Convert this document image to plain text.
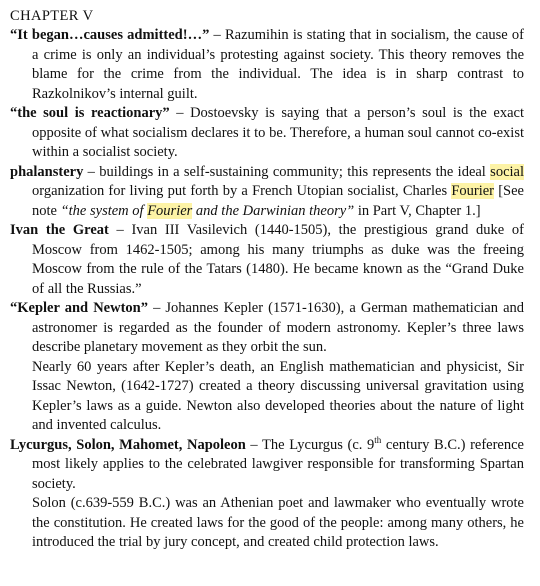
CHAPTER V

“It began…causes admitted!…” – Razumihin is stating that in socialism, the cause of a crime is only an individual’s protesting against society. This theory removes the blame for the crime from the individual. The idea is in sharp contrast to Razkolnikov’s internal guilt.

“the soul is reactionary” – Dostoevsky is saying that a person’s soul is the exact opposite of what socialism declares it to be. Therefore, a human soul cannot co-exist within a socialist society.

phalanstery – buildings in a self-sustaining community; this represents the ideal social organization for living put forth by a French Utopian socialist, Charles Fourier [See note “the system of Fourier and the Darwinian theory” in Part V, Chapter 1.]

Ivan the Great – Ivan III Vasilevich (1440-1505), the prestigious grand duke of Moscow from 1462-1505; among his many triumphs as duke was the freeing Moscow from the rule of the Tatars (1480). He became known as the “Grand Duke of all the Russias.”

“Kepler and Newton” – Johannes Kepler (1571-1630), a German mathematician and astronomer is regarded as the founder of modern astronomy. Kepler’s three laws describe planetary movement as they orbit the sun.

Nearly 60 years after Kepler’s death, an English mathematician and physicist, Sir Issac Newton, (1642-1727) created a theory discussing universal gravitation using Kepler’s laws as a guide. Newton also developed theories about the nature of light and invented calculus.

Lycurgus, Solon, Mahomet, Napoleon – The Lycurgus (c. 9th century B.C.) reference most likely applies to the celebrated lawgiver responsible for transforming Spartan society.

Solon (c.639-559 B.C.) was an Athenian poet and lawmaker who eventually wrote the constitution. He created laws for the good of the people: among many others, he introduced the trial by jury concept, and created child protection laws.
